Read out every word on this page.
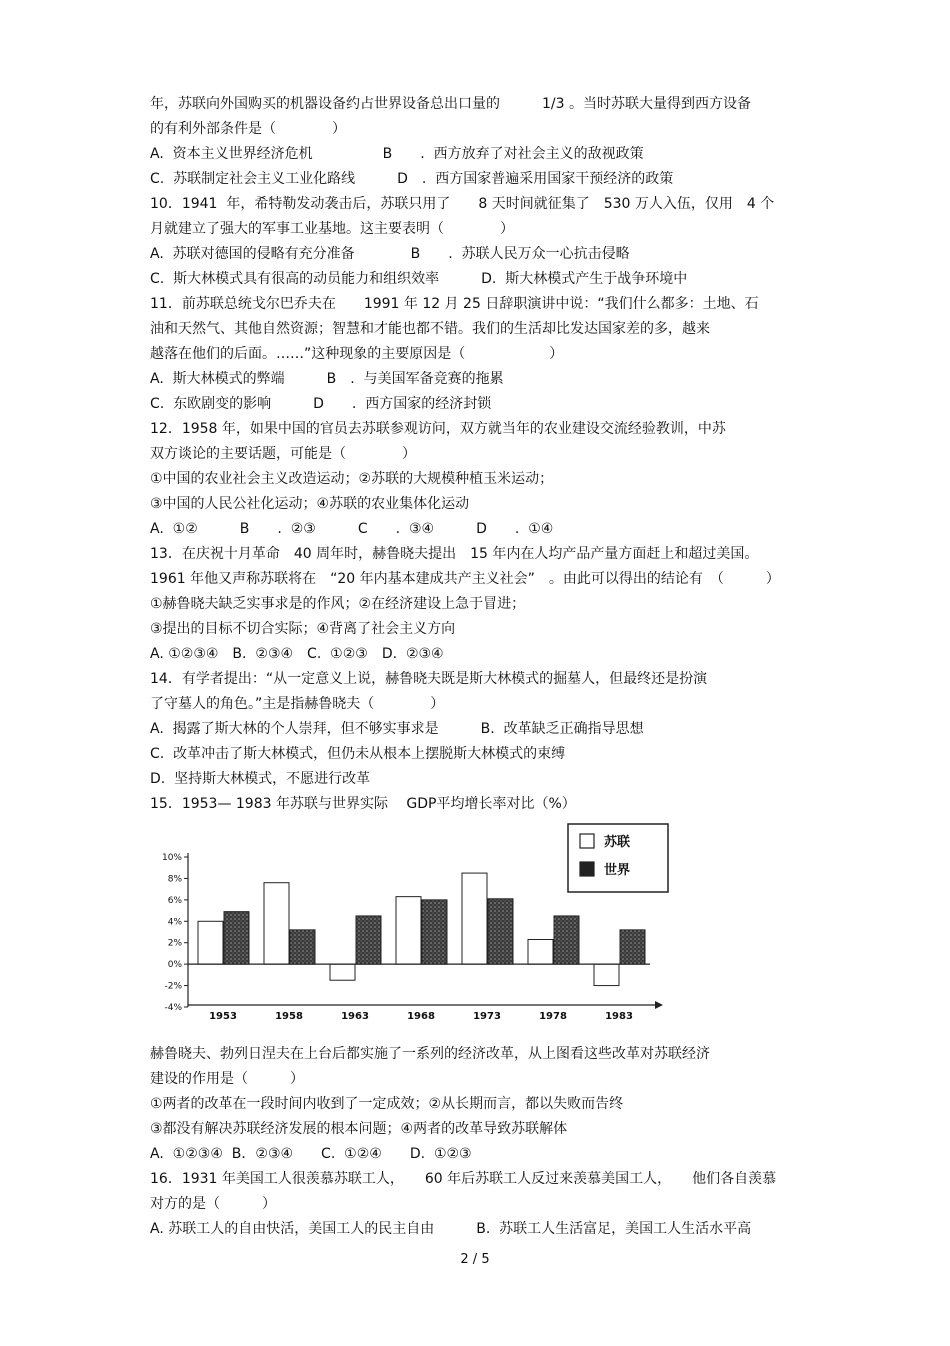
年，苏联向外国购买的机器设备约占世界设备总出口量的　　　1/3 。当时苏联大量得到西方设备
的有利外部条件是（　　　　）
A.  资本主义世界经济危机　　　　　B　　.  西方放弃了对社会主义的敌视政策
C.  苏联制定社会主义工业化路线　　　D　.  西方国家普遍采用国家干预经济的政策
10．1941  年，希特勒发动袭击后，苏联只用了　　8 天时间就征集了　530 万人入伍，仅用　4 个
月就建立了强大的军事工业基地。这主要表明（　　　　）
A.  苏联对德国的侵略有充分准备　　　　B　　.  苏联人民万众一心抗击侵略
C.  斯大林模式具有很高的动员能力和组织效率　　　D.  斯大林模式产生于战争环境中
11．前苏联总统戈尔巴乔夫在　　1991 年 12 月 25 日辞职演讲中说：“我们什么都多：土地、石
油和天然气、其他自然资源；智慧和才能也都不错。我们的生活却比发达国家差的多，越来
越落在他们的后面。……”这种现象的主要原因是（　　　　　　）
A.  斯大林模式的弊端　　　B　.  与美国军备竞赛的拖累
C.  东欧剧变的影响　　　D　　.  西方国家的经济封锁
12．1958 年，如果中国的官员去苏联参观访问，双方就当年的农业建设交流经验教训，中苏
双方谈论的主要话题，可能是（　　　　）
①中国的农业社会主义改造运动；②苏联的大规模种植玉米运动；
③中国的人民公社化运动；④苏联的农业集体化运动
A.  ①②　　　B　　.  ②③　　　C　　.  ③④　　　D　　.  ①④
13．在庆祝十月革命　40 周年时，赫鲁晓夫提出　15 年内在人均产品产量方面赶上和超过美国。
1961 年他又声称苏联将在　“20 年内基本建成共产主义社会”　。由此可以得出的结论有　（　　　）
①赫鲁晓夫缺乏实事求是的作风；②在经济建设上急于冒进；
③提出的目标不切合实际；④背离了社会主义方向
A. ①②③④　B.  ②③④　C.  ①②③　D.  ②③④
14．有学者提出：“从一定意义上说，赫鲁晓夫既是斯大林模式的掘墓人，但最终还是扮演
了守墓人的角色。”主是指赫鲁晓夫（　　　　）
A.  揭露了斯大林的个人崇拜，但不够实事求是　　　B.  改革缺乏正确指导思想
C.  改革冲击了斯大林模式，但仍未从根本上摆脱斯大林模式的束缚
D.  坚持斯大林模式，不愿进行改革
15．1953— 1983 年苏联与世界实际　 GDP平均增长率对比（%）
赫鲁晓夫、勃列日涅夫在上台后都实施了一系列的经济改革，从上图看这些改革对苏联经济
建设的作用是（　　　）
①两者的改革在一段时间内收到了一定成效；②从长期而言，都以失败而告终
③都没有解决苏联经济发展的根本问题；④两者的改革导致苏联解体
A.  ①②③④  B．②③④　　C.  ①②④　　D.  ①②③
16．1931 年美国工人很羡慕苏联工人，　　60 年后苏联工人反过来羡慕美国工人，　　他们各自羡慕
对方的是（　　　）
A. 苏联工人的自由快活，美国工人的民主自由　　　B.  苏联工人生活富足，美国工人生活水平高
10%
8%
6%
4%
2%
0%
-2%
-4%
1953	1958	1963	1968	1973	1978	1983
苏联
世界
2 / 5
